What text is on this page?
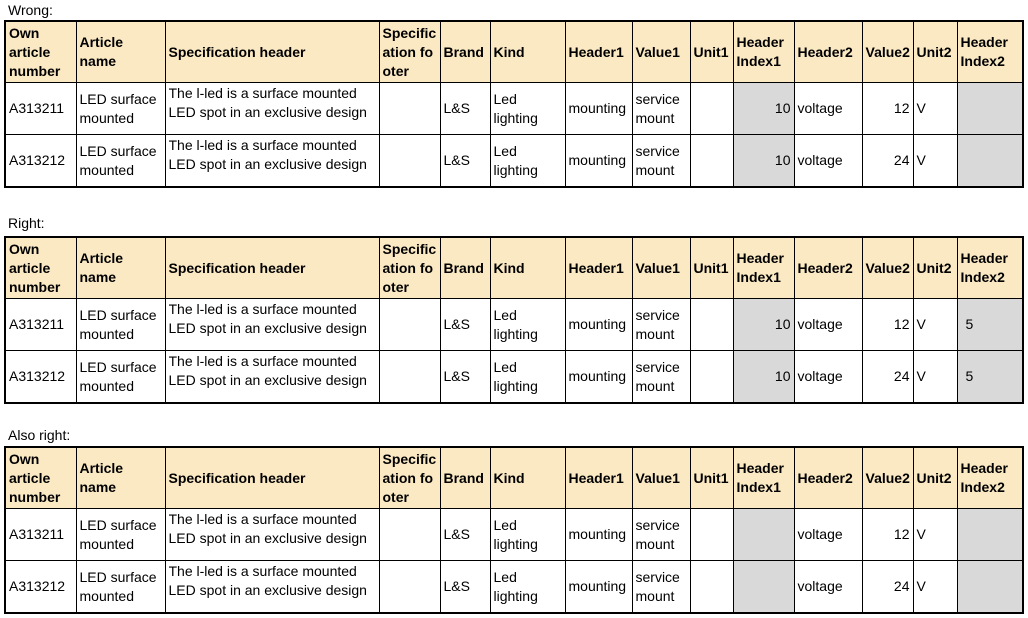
Wrong:
Own article number	Article name	Specification header	Specification footer	Brand	Kind	Header1	Value1	Unit1	Header Index1	Header2	Value2	Unit2	Header Index2
A313211	LED surface mounted	The l-led is a surface mounted LED spot in an exclusive design		L&S	Led lighting	mounting	service mount		10	voltage	12	V	
A313212	LED surface mounted	The l-led is a surface mounted LED spot in an exclusive design		L&S	Led lighting	mounting	service mount		10	voltage	24	V	
Right:
Own article number	Article name	Specification header	Specification footer	Brand	Kind	Header1	Value1	Unit1	Header Index1	Header2	Value2	Unit2	Header Index2
A313211	LED surface mounted	The l-led is a surface mounted LED spot in an exclusive design		L&S	Led lighting	mounting	service mount		10	voltage	12	V	5
A313212	LED surface mounted	The l-led is a surface mounted LED spot in an exclusive design		L&S	Led lighting	mounting	service mount		10	voltage	24	V	5
Also right:
Own article number	Article name	Specification header	Specification footer	Brand	Kind	Header1	Value1	Unit1	Header Index1	Header2	Value2	Unit2	Header Index2
A313211	LED surface mounted	The l-led is a surface mounted LED spot in an exclusive design		L&S	Led lighting	mounting	service mount			voltage	12	V	
A313212	LED surface mounted	The l-led is a surface mounted LED spot in an exclusive design		L&S	Led lighting	mounting	service mount			voltage	24	V	
